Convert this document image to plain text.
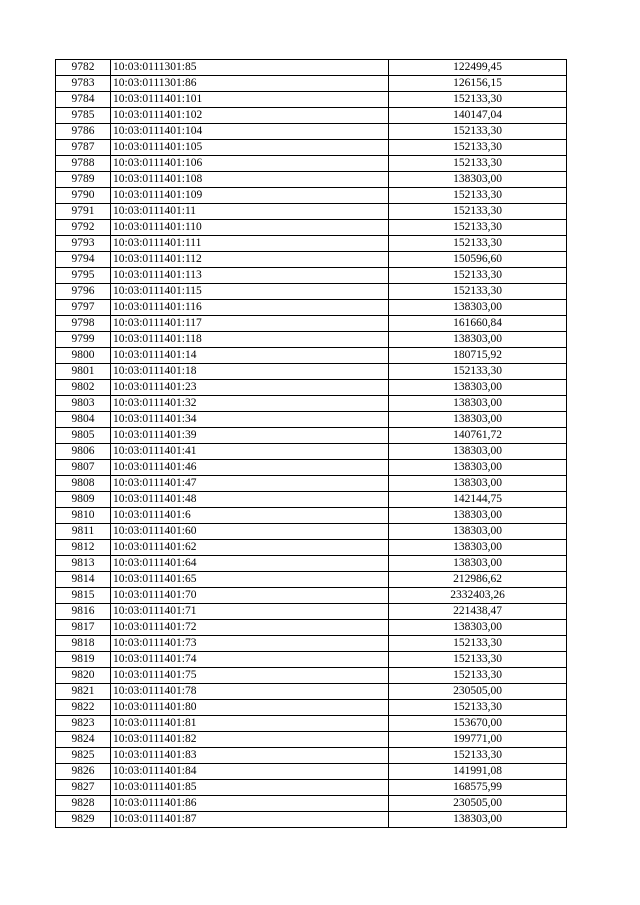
9782	10:03:0111301:85	122499,45
9783	10:03:0111301:86	126156,15
9784	10:03:0111401:101	152133,30
9785	10:03:0111401:102	140147,04
9786	10:03:0111401:104	152133,30
9787	10:03:0111401:105	152133,30
9788	10:03:0111401:106	152133,30
9789	10:03:0111401:108	138303,00
9790	10:03:0111401:109	152133,30
9791	10:03:0111401:11	152133,30
9792	10:03:0111401:110	152133,30
9793	10:03:0111401:111	152133,30
9794	10:03:0111401:112	150596,60
9795	10:03:0111401:113	152133,30
9796	10:03:0111401:115	152133,30
9797	10:03:0111401:116	138303,00
9798	10:03:0111401:117	161660,84
9799	10:03:0111401:118	138303,00
9800	10:03:0111401:14	180715,92
9801	10:03:0111401:18	152133,30
9802	10:03:0111401:23	138303,00
9803	10:03:0111401:32	138303,00
9804	10:03:0111401:34	138303,00
9805	10:03:0111401:39	140761,72
9806	10:03:0111401:41	138303,00
9807	10:03:0111401:46	138303,00
9808	10:03:0111401:47	138303,00
9809	10:03:0111401:48	142144,75
9810	10:03:0111401:6	138303,00
9811	10:03:0111401:60	138303,00
9812	10:03:0111401:62	138303,00
9813	10:03:0111401:64	138303,00
9814	10:03:0111401:65	212986,62
9815	10:03:0111401:70	2332403,26
9816	10:03:0111401:71	221438,47
9817	10:03:0111401:72	138303,00
9818	10:03:0111401:73	152133,30
9819	10:03:0111401:74	152133,30
9820	10:03:0111401:75	152133,30
9821	10:03:0111401:78	230505,00
9822	10:03:0111401:80	152133,30
9823	10:03:0111401:81	153670,00
9824	10:03:0111401:82	199771,00
9825	10:03:0111401:83	152133,30
9826	10:03:0111401:84	141991,08
9827	10:03:0111401:85	168575,99
9828	10:03:0111401:86	230505,00
9829	10:03:0111401:87	138303,00
